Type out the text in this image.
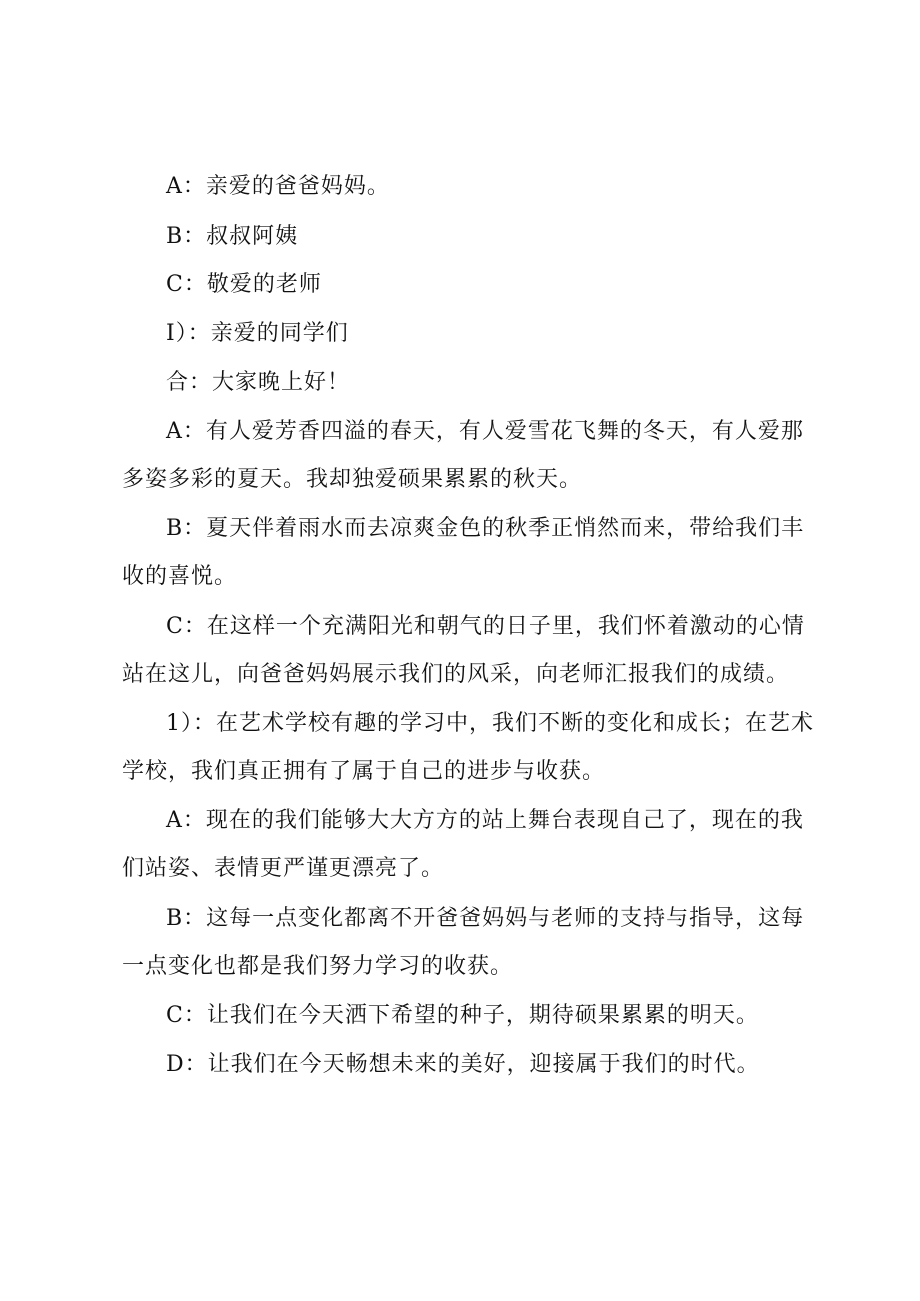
A：亲爱的爸爸妈妈。

B：叔叔阿姨

C：敬爱的老师

I）：亲爱的同学们

合：大家晚上好！

A：有人爱芳香四溢的春天，有人爱雪花飞舞的冬天，有人爱那多姿多彩的夏天。我却独爱硕果累累的秋天。

B：夏天伴着雨水而去凉爽金色的秋季正悄然而来，带给我们丰收的喜悦。

C：在这样一个充满阳光和朝气的日子里，我们怀着激动的心情站在这儿，向爸爸妈妈展示我们的风采，向老师汇报我们的成绩。

1）：在艺术学校有趣的学习中，我们不断的变化和成长；在艺术学校，我们真正拥有了属于自己的进步与收获。

A：现在的我们能够大大方方的站上舞台表现自己了，现在的我们站姿、表情更严谨更漂亮了。

B：这每一点变化都离不开爸爸妈妈与老师的支持与指导，这每一点变化也都是我们努力学习的收获。

C：让我们在今天洒下希望的种子，期待硕果累累的明天。

D：让我们在今天畅想未来的美好，迎接属于我们的时代。
